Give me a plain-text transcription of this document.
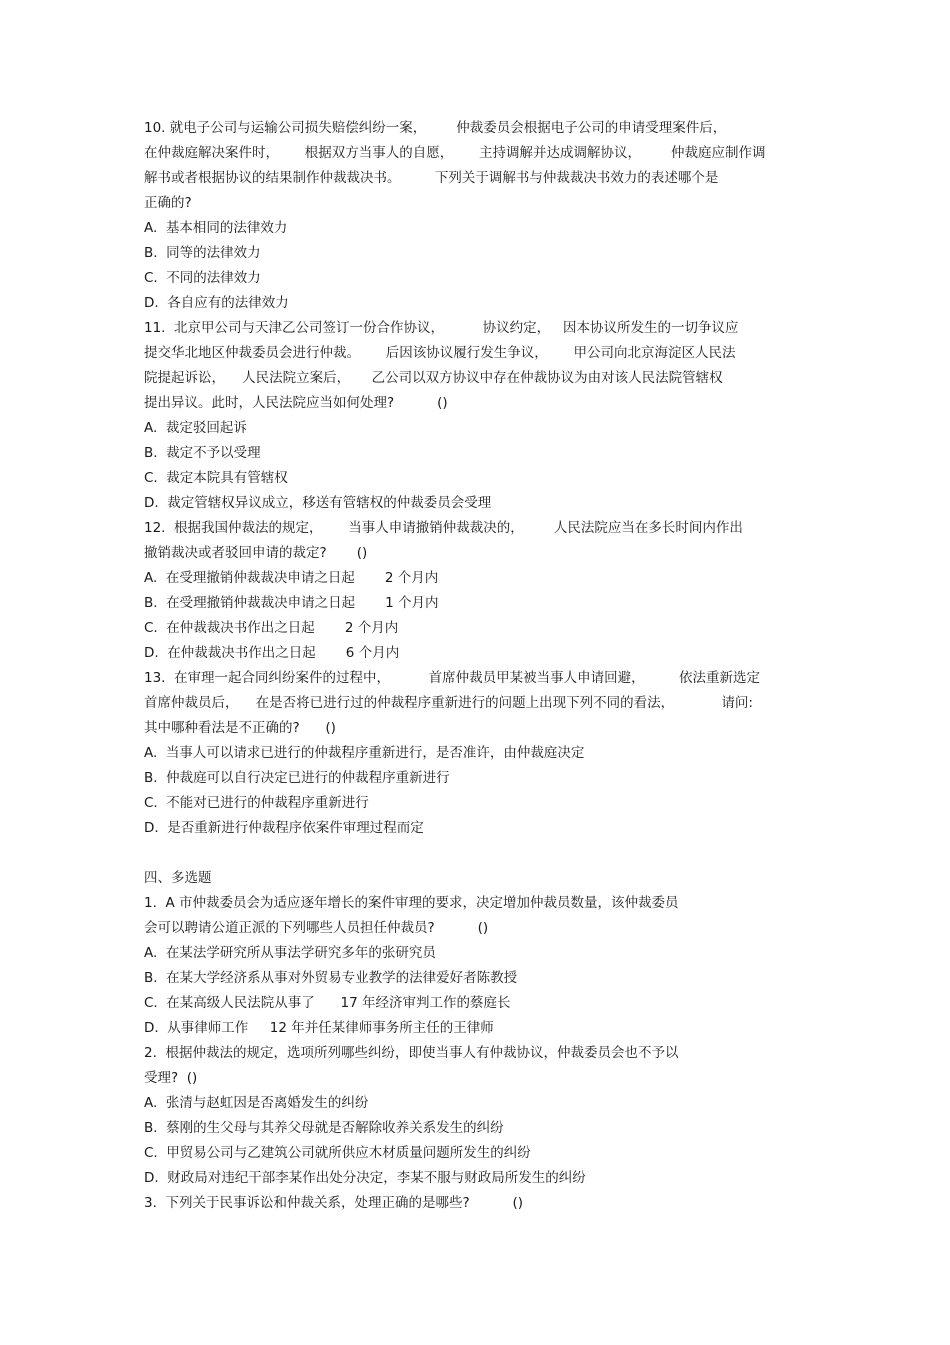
10. 就电子公司与运输公司损失赔偿纠纷一案，       仲裁委员会根据电子公司的申请受理案件后，
在仲裁庭解决案件时，      根据双方当事人的自愿，      主持调解并达成调解协议，       仲裁庭应制作调
解书或者根据协议的结果制作仲裁裁决书。        下列关于调解书与仲裁裁决书效力的表述哪个是
正确的?
A.  基本相同的法律效力
B.  同等的法律效力
C.  不同的法律效力
D.  各自应有的法律效力
11.  北京甲公司与天津乙公司签订一份合作协议，         协议约定，   因本协议所发生的一切争议应
提交华北地区仲裁委员会进行仲裁。      后因该协议履行发生争议，      甲公司向北京海淀区人民法
院提起诉讼，    人民法院立案后，     乙公司以双方协议中存在仲裁协议为由对该人民法院管辖权
提出异议。此时，人民法院应当如何处理?          ()
A.  裁定驳回起诉
B.  裁定不予以受理
C.  裁定本院具有管辖权
D.  裁定管辖权异议成立，移送有管辖权的仲裁委员会受理
12.  根据我国仲裁法的规定，      当事人申请撤销仲裁裁决的，       人民法院应当在多长时间内作出
撤销裁决或者驳回申请的裁定?       ()
A.  在受理撤销仲裁裁决申请之日起       2 个月内
B.  在受理撤销仲裁裁决申请之日起       1 个月内
C.  在仲裁裁决书作出之日起       2 个月内
D.  在仲裁裁决书作出之日起       6 个月内
13.  在审理一起合同纠纷案件的过程中，         首席仲裁员甲某被当事人申请回避，        依法重新选定
首席仲裁员后，    在是否将已进行过的仲裁程序重新进行的问题上出现下列不同的看法，           请问:
其中哪种看法是不正确的?      ()
A.  当事人可以请求已进行的仲裁程序重新进行，是否准许，由仲裁庭决定
B.  仲裁庭可以自行决定已进行的仲裁程序重新进行
C.  不能对已进行的仲裁程序重新进行
D.  是否重新进行仲裁程序依案件审理过程而定
四、多选题
1.  A 市仲裁委员会为适应逐年增长的案件审理的要求，决定增加仲裁员数量，该仲裁委员
会可以聘请公道正派的下列哪些人员担任仲裁员?          ()
A.  在某法学研究所从事法学研究多年的张研究员
B.  在某大学经济系从事对外贸易专业教学的法律爱好者陈教授
C.  在某高级人民法院从事了      17 年经济审判工作的蔡庭长
D.  从事律师工作     12 年并任某律师事务所主任的王律师
2.  根据仲裁法的规定，选项所列哪些纠纷，即使当事人有仲裁协议，仲裁委员会也不予以
受理?  ()
A.  张清与赵虹因是否离婚发生的纠纷
B.  蔡刚的生父母与其养父母就是否解除收养关系发生的纠纷
C.  甲贸易公司与乙建筑公司就所供应木材质量问题所发生的纠纷
D.  财政局对违纪干部李某作出处分决定，李某不服与财政局所发生的纠纷
3.  下列关于民事诉讼和仲裁关系，处理正确的是哪些?          ()
